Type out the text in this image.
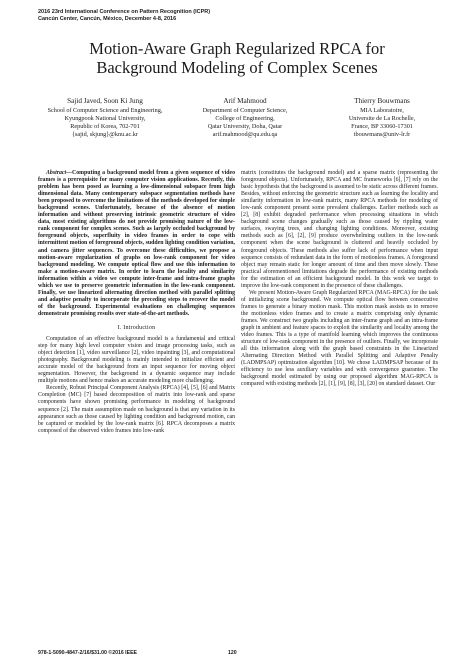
2016 23rd International Conference on Pattern Recognition (ICPR)
Cancún Center, Cancún, México, December 4-8, 2016
Motion-Aware Graph Regularized RPCA for
Background Modeling of Complex Scenes
Sajid Javed, Soon Ki Jung
School of Computer Science and Engineering,
Kyungpook National University,
Republic of Korea, 702-701
{sajid, skjung}@knu.ac.kr
Arif Mahmood
Department of Computer Science,
College of Engineering,
Qatar University, Doha, Qatar
arif.mahmood@qu.edu.qa
Thierry Bouwmans
MIA Laboratoire,
Universite de La Rochelle,
France, BP 33060-17301
tbouwmans@univ-lr.fr

Abstract—Computing a background model from a given sequence of video frames is a prerequisite for many computer vision applications. Recently, this problem has been posed as learning a low-dimensional subspace from high dimensional data. Many contemporary subspace segmentation methods have been proposed to overcome the limitations of the methods developed for simple background scenes. Unfortunately, because of the absence of motion information and without preserving intrinsic geometric structure of video data, most existing algorithms do not provide promising nature of the low-rank component for complex scenes. Such as largely occluded background by foreground objects, superfluity in video frames in order to cope with intermittent motion of foreground objects, sudden lighting condition variation, and camera jitter sequences. To overcome these difficulties, we propose a motion-aware regularization of graphs on low-rank component for video background modeling. We compute optical flow and use this information to make a motion-aware matrix. In order to learn the locality and similarity information within a video we compute inter-frame and intra-frame graphs which we use to preserve geometric information in the low-rank component. Finally, we use linearized alternating direction method with parallel splitting and adaptive penalty to incorporate the preceding steps to recover the model of the background. Experimental evaluations on challenging sequences demonstrate promising results over state-of-the-art methods.

I. Introduction

Computation of an effective background model is a fundamental and critical step for many high level computer vision and image processing tasks, such as object detection [1], video surveillance [2], video inpainting [3], and computational photography. Background modeling is mainly intended to initialize efficient and accurate model of the background from an input sequence for moving object segmentation. However, the background in a dynamic sequence may include multiple motions and hence makes an accurate modeling more challenging.

Recently, Robust Principal Component Analysis (RPCA) [4], [5], [6] and Matrix Completion (MC) [7] based decomposition of matrix into low-rank and sparse components have shown promising performance in modeling of background sequence [2]. The main assumption made on background is that any variation in its appearance such as those caused by lighting condition and background motion, can be captured or modeled by the low-rank matrix [6]. RPCA decomposes a matrix composed of the observed video frames into low-rank

matrix (constitutes the background model) and a sparse matrix (representing the foreground objects). Unfortunately, RPCA and MC frameworks [6], [7] rely on the basic hypothesis that the background is assumed to be static across different frames. Besides, without enforcing the geometric structure such as learning the locality and similarity information in low-rank matrix, many RPCA methods for modeling of low-rank component present some prevalent challenges. Earlier methods such as [2], [8] exhibit degraded performance when processing situations in which background scene changes gradually such as those caused by rippling water surfaces, swaying trees, and changing lighting conditions. Moreover, existing methods such as [6], [2], [9] produce overwhelming outliers in the low-rank component when the scene background is cluttered and heavily occluded by foreground objects. These methods also suffer lack of performance when input sequence consists of redundant data in the form of motionless frames. A foreground object may remain static for longer amount of time and then move slowly. These practical aforementioned limitations degrade the performance of existing methods for the estimation of an efficient background model. In this work we target to improve the low-rank component in the presence of these challenges.

We present Motion-Aware Graph Regularized RPCA (MAG-RPCA) for the task of initializing scene background. We compute optical flow between consecutive frames to generate a binary motion mask. This motion mask assists us to remove the motionless video frames and to create a matrix comprising only dynamic frames. We construct two graphs including an inter-frame graph and an intra-frame graph in ambient and feature spaces to exploit the similarity and locality among the video frames. This is a type of manifold learning which improves the continuous structure of low-rank component in the presence of outliers. Finally, we incorporate all this information along with the graph based constraints in the Linearized Alternating Direction Method with Parallel Splitting and Adaptive Penalty (LADMPSAP) optimization algorithm [10]. We chose LADMPSAP because of its efficiency to use less auxiliary variables and with convergence guarantee. The background model estimated by using our proposed algorithm MAG-RPCA is compared with existing methods [2], [1], [9], [8], [3], [20] on standard dataset. Our

978-1-5090-4847-2/16/$31.00 ©2016 IEEE	120
